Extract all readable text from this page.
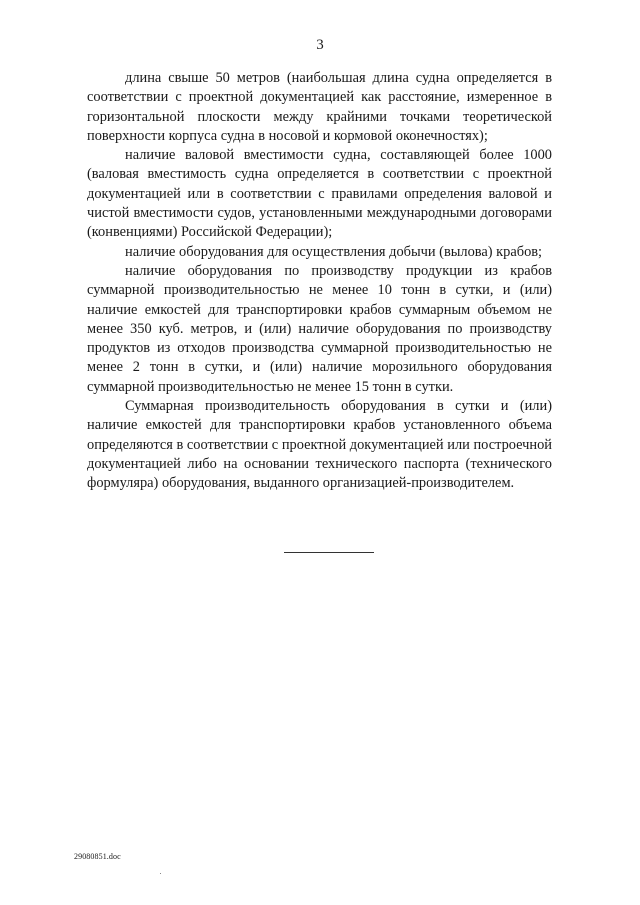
3

длина свыше 50 метров (наибольшая длина судна определяется в соответствии с проектной документацией как расстояние, измеренное в горизонтальной плоскости между крайними точками теоретической поверхности корпуса судна в носовой и кормовой оконечностях);

наличие валовой вместимости судна, составляющей более 1000 (валовая вместимость судна определяется в соответствии с проектной документацией или в соответствии с правилами определения валовой и чистой вместимости судов, установленными международными договорами (конвенциями) Российской Федерации);

наличие оборудования для осуществления добычи (вылова) крабов;

наличие оборудования по производству продукции из крабов суммарной производительностью не менее 10 тонн в сутки, и (или) наличие емкостей для транспортировки крабов суммарным объемом не менее 350 куб. метров, и (или) наличие оборудования по производству продуктов из отходов производства суммарной производительностью не менее 2 тонн в сутки, и (или) наличие морозильного оборудования суммарной производительностью не менее 15 тонн в сутки.

Суммарная производительность оборудования в сутки и (или) наличие емкостей для транспортировки крабов установленного объема определяются в соответствии с проектной документацией или построечной документацией либо на основании технического паспорта (технического формуляра) оборудования, выданного организацией-производителем.

29080851.doc
